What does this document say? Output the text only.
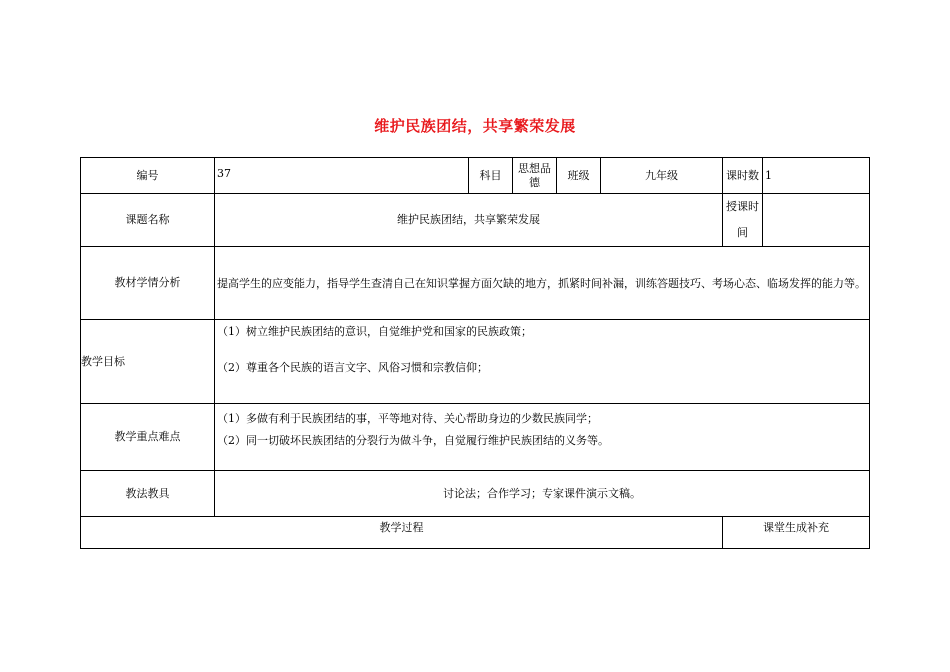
维护民族团结，共享繁荣发展
编号	37	科目	思想品德	班级	九年级	课时数	1
课题名称	维护民族团结，共享繁荣发展					授课时
间	

教材学情分析	提高学生的应变能力，指导学生查清自己在知识掌握方面欠缺的地方，抓紧时间补漏，训练答题技巧、考场心态、临场发挥的能力等。						
教学目标	（1）树立维护民族团结的意识，自觉维护党和国家的民族政策；
（2）尊重各个民族的语言文字、风俗习惯和宗教信仰；						

教学重点难点	（1）多做有利于民族团结的事，平等地对待、关心帮助身边的少数民族同学；
（2）同一切破坏民族团结的分裂行为做斗争，自觉履行维护民族团结的义务等。						

教法教具	讨论法；合作学习；专家课件演示文稿。						
教学过程						课堂生成补充	
